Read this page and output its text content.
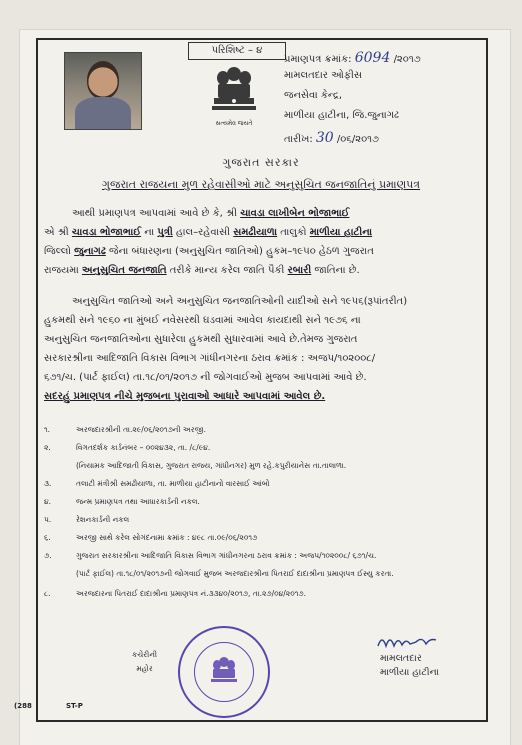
પરિશિષ્ટ – ૪
સત્યમેવ જયતે
પ્રમાણપત્ર ક્રમાંક: 6094 /૨૦૧૭
મામલતદાર ઓફીસ
જનસેવા કેન્દ્ર,
માળીયા હાટીના, જિ.જુનાગઢ
તારીખ: 30 /૦૬/૨૦૧૭
ગુજરાત સરકાર
ગુજરાત રાજયના મુળ રહેવાસીઓ માટે અનુસુચિત જનજાતિનું પ્રમાણપત્ર
આથી પ્રમાણપત્ર આપવામાં આવે છે કે, શ્રી ચાવડા લાખીબેન ભોજાભાઈ
એ શ્રી ચાવડા ભોજાભાઈ ના પુત્રી હાલ–રહેવાસી સમઢીયાળા તાલુકો માળીયા હાટીના
જિલ્લો જુનાગઢ જેના બંધારણના (અનુસુચિત જાતિઓ) હુકમ–૧૯૫૦ હેઠળ ગુજરાત
રાજયમા અનુસુચિત જનજાતિ તરીકે માન્ય કરેલ જાતિ પૈકી રબારી જાતિના છે.
અનુસુચિત જાતિઓ અને અનુસુચિત જનજાતિઓની યાદીઓ સને ૧૯૫૬(રૂપાંતરીત)
હુકમથી સને ૧૯૬૦ ના મુંબઈ નવેસરથી ઘડવામાં આવેલ કાયદાથી સને ૧૯૭૬ ના
અનુસુચિત જનજાતિઓના સુધારેલા હુકમથી સુધારવામાં આવે છે.તેમજ ગુજરાત
સરકારશ્રીના આદિજાતિ વિકાસ વિભાગ ગાંધીનગરના ઠરાવ ક્રમાંક : અજપ/૧૦૨૦૦૮/
૬૭૧/ચ. (પાર્ટ ફાઈલ) તા.૧૮/૦૧/૨૦૧૭ ની જોગવાઈઓ મુજબ આપવામાં આવે છે.
સદરહું પ્રમાણપત્ર નીચે મુજબના પુરાવાઓ આધારે આપવામાં આવેલ છે.
૧.	અરજદારશ્રીની તા.૨૯/૦૬/૨૦૧૭ની અરજી.
૨.	વિગતદર્શક કાર્ડનંબર – ૦૦૨૪૩૨, તા. /૮/૯૪.
(નિયામક આદિજાતી વિકાસ, ગુજરાત રાજય, ગાંધીનગર) મુળ રહે.કપુરીયાનેસ તા.તાલાળા.
૩.	તલાટી મંત્રીશ્રી સમઢીયાળા, તા. માળીયા હાટીનાનો વારસાઈ આંબો
૪.	જન્મ પ્રમાણપત્ર તથા આધારકાર્ડની નકલ.
૫.	રેશનકાર્ડની નકલ
૬.	અરજી સાથે કરેલ સોગંદનામા ક્રમાંક : ૪૯૮ તા.૦૯/૦૬/૨૦૧૭
૭.	ગુજરાત સરકારશ્રીના આદિજાતિ વિકાસ વિભાગ ગાંધીનગરના ઠરાવ ક્રમાંક : અજપ/૧૦૨૦૦૮/ ૬૭૧/ચ.
(પાર્ટ ફાઈલ) તા.૧૮/૦૧/૨૦૧૭ની જોગવાઈ મુજબ અરજદારશ્રીના પિતરાઈ દાદાશ્રીના પ્રમાણપત્ર ઈસ્યુ કરતા.
૮.	અરજદારના પિતરાઈ દાદાશ્રીના પ્રમાણપત્ર નં.૩૩૪૦/૨૦૧૭, તા.૨૭/૦૪/૨૦૧૭.
કચેરીની
મહોર
મામલતદાર
માળીયા હાટીના
(288	ST-P
